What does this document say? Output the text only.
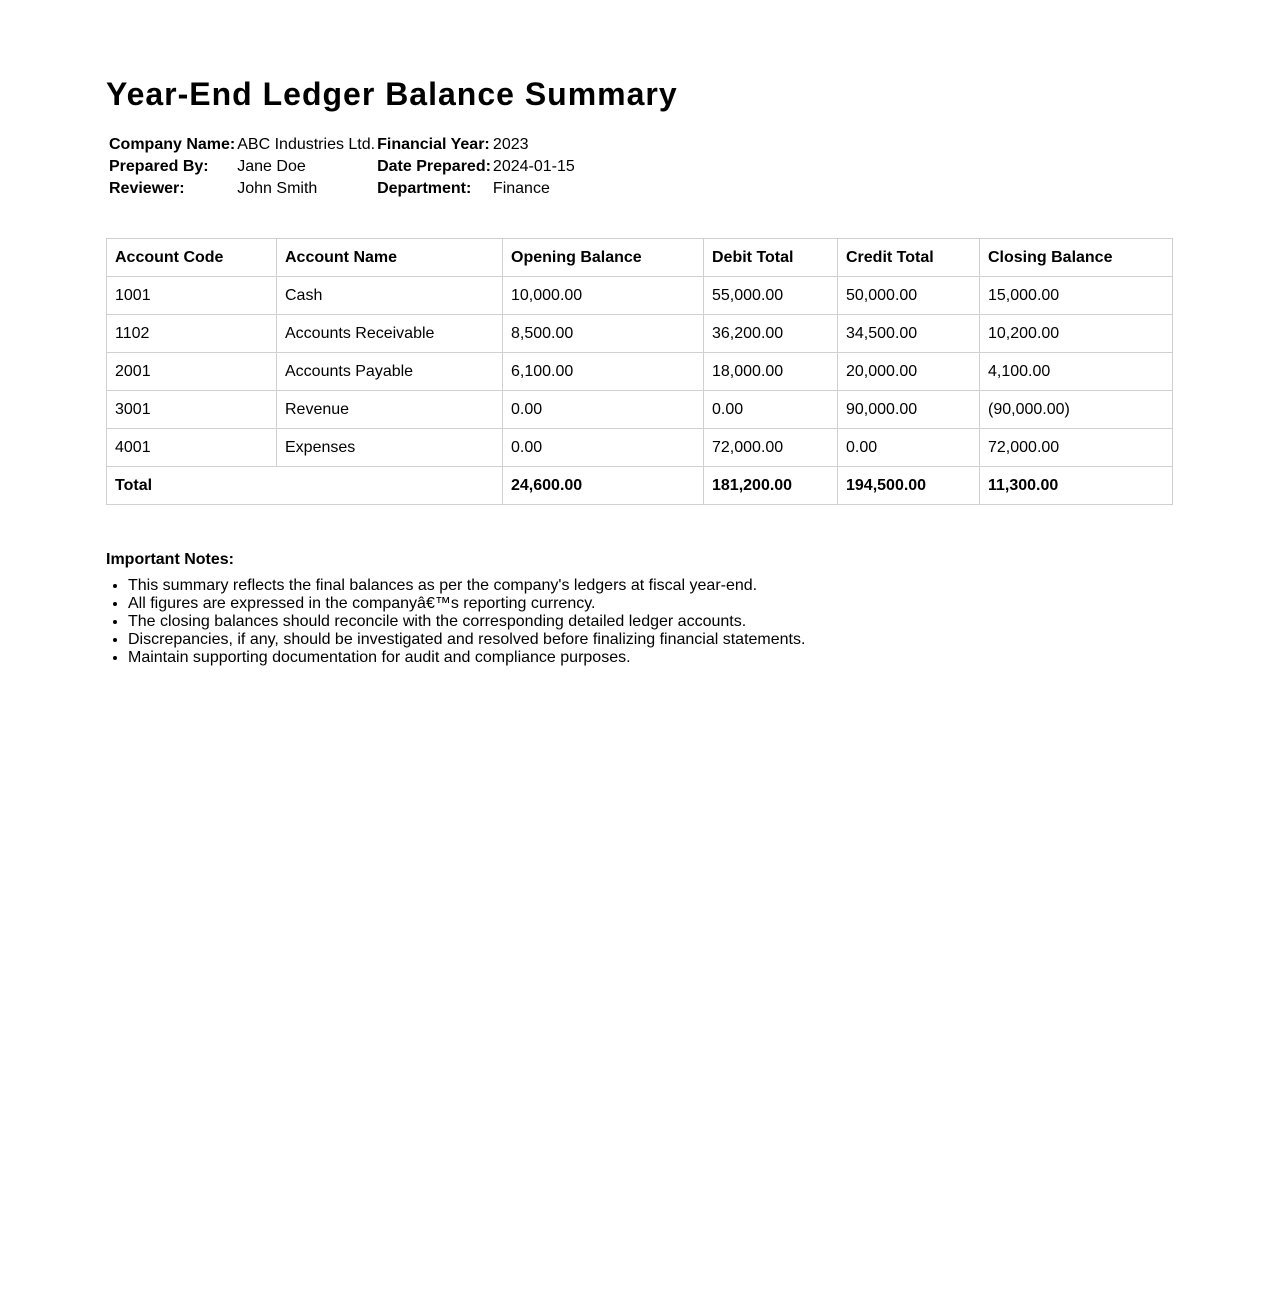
Year-End Ledger Balance Summary
Company Name:	ABC Industries Ltd.	Financial Year:	2023
Prepared By:	Jane Doe	Date Prepared:	2024-01-15
Reviewer:	John Smith	Department:	Finance
Account Code	Account Name	Opening Balance	Debit Total	Credit Total	Closing Balance
1001	Cash	10,000.00	55,000.00	50,000.00	15,000.00
1102	Accounts Receivable	8,500.00	36,200.00	34,500.00	10,200.00
2001	Accounts Payable	6,100.00	18,000.00	20,000.00	4,100.00
3001	Revenue	0.00	0.00	90,000.00	(90,000.00)
4001	Expenses	0.00	72,000.00	0.00	72,000.00
Total		24,600.00	181,200.00	194,500.00	11,300.00
Important Notes:
• This summary reflects the final balances as per the company's ledgers at fiscal year-end.
• All figures are expressed in the companyâ€™s reporting currency.
• The closing balances should reconcile with the corresponding detailed ledger accounts.
• Discrepancies, if any, should be investigated and resolved before finalizing financial statements.
• Maintain supporting documentation for audit and compliance purposes.
